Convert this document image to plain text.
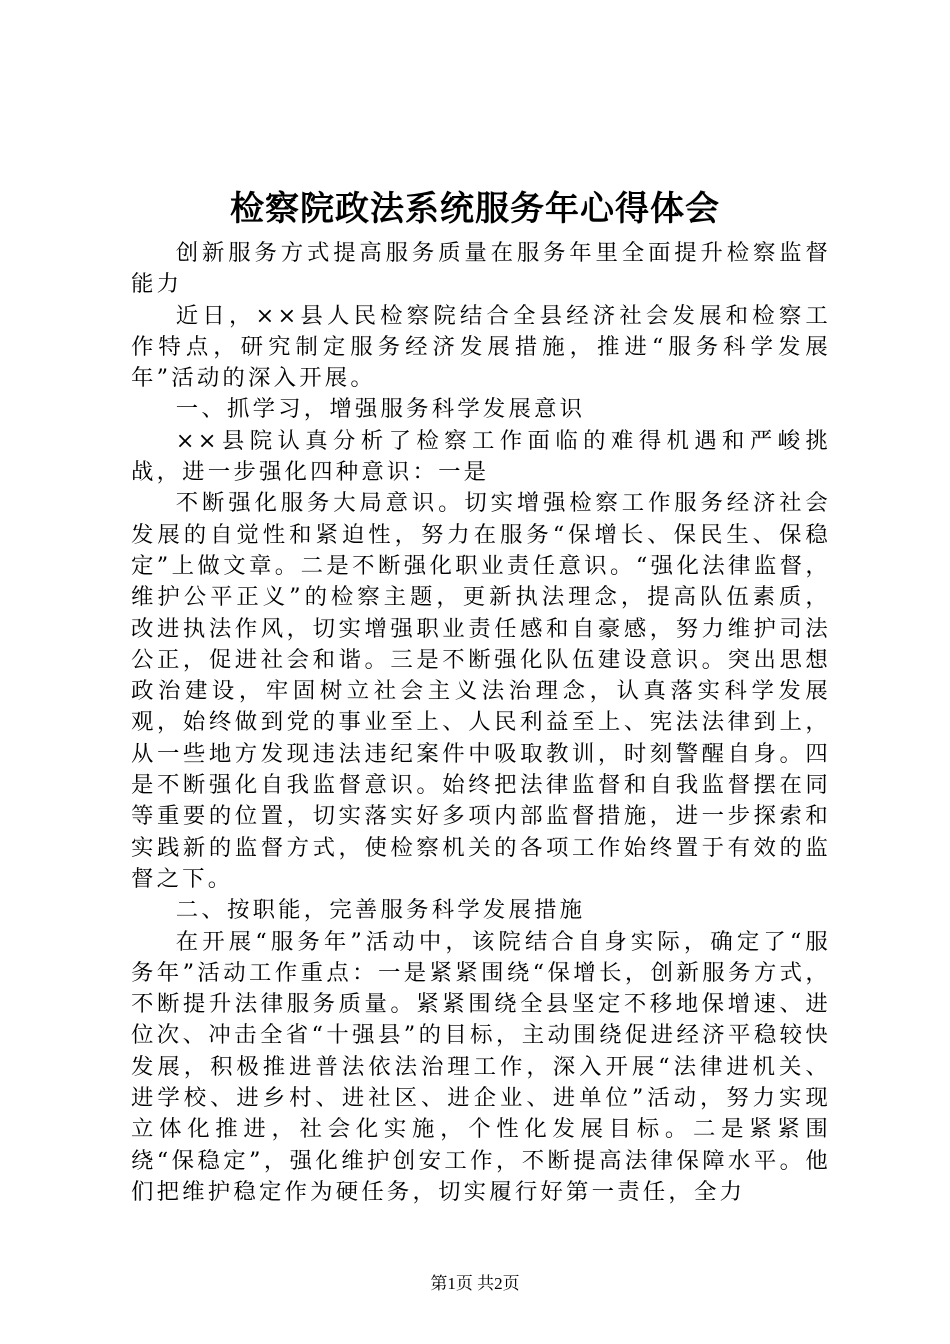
检察院政法系统服务年心得体会

创新服务方式提高服务质量在服务年里全面提升检察监督能力

近日，××县人民检察院结合全县经济社会发展和检察工作特点，研究制定服务经济发展措施，推进“服务科学发展年”活动的深入开展。

一、抓学习，增强服务科学发展意识

××县院认真分析了检察工作面临的难得机遇和严峻挑战，进一步强化四种意识：一是

不断强化服务大局意识。切实增强检察工作服务经济社会发展的自觉性和紧迫性，努力在服务“保增长、保民生、保稳定”上做文章。二是不断强化职业责任意识。“强化法律监督，维护公平正义”的检察主题，更新执法理念，提高队伍素质，改进执法作风，切实增强职业责任感和自豪感，努力维护司法公正，促进社会和谐。三是不断强化队伍建设意识。突出思想政治建设，牢固树立社会主义法治理念，认真落实科学发展观，始终做到党的事业至上、人民利益至上、宪法法律到上，从一些地方发现违法违纪案件中吸取教训，时刻警醒自身。四是不断强化自我监督意识。始终把法律监督和自我监督摆在同等重要的位置，切实落实好多项内部监督措施，进一步探索和实践新的监督方式，使检察机关的各项工作始终置于有效的监督之下。

二、按职能，完善服务科学发展措施

在开展“服务年”活动中，该院结合自身实际，确定了“服务年”活动工作重点：一是紧紧围绕“保增长，创新服务方式，不断提升法律服务质量。紧紧围绕全县坚定不移地保增速、进位次、冲击全省“十强县”的目标，主动围绕促进经济平稳较快发展，积极推进普法依法治理工作，深入开展“法律进机关、进学校、进乡村、进社区、进企业、进单位”活动，努力实现立体化推进，社会化实施，个性化发展目标。二是紧紧围绕“保稳定”，强化维护创安工作，不断提高法律保障水平。他们把维护稳定作为硬任务，切实履行好第一责任，全力

第1页 共2页
